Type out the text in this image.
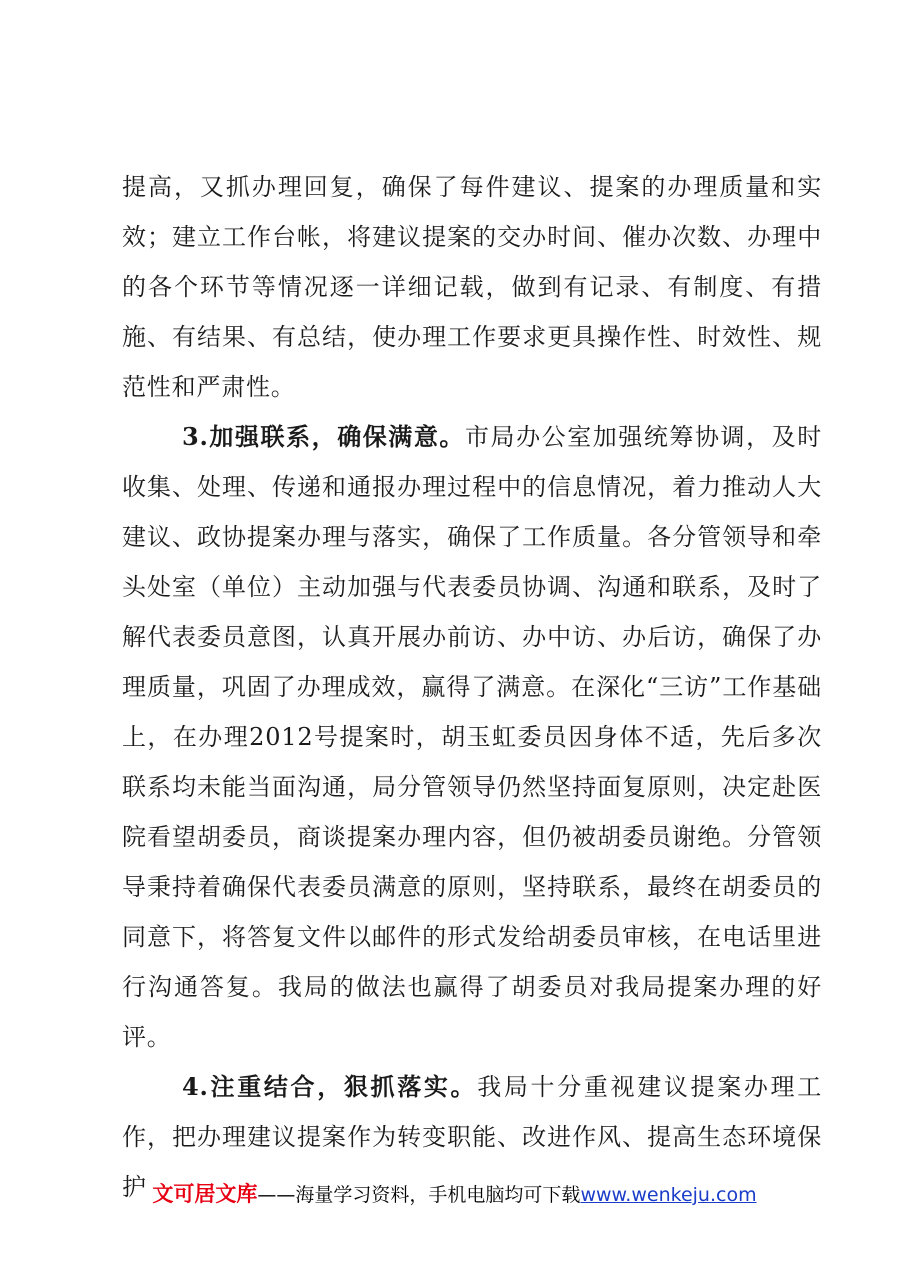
提高，又抓办理回复，确保了每件建议、提案的办理质量和实效；建立工作台帐，将建议提案的交办时间、催办次数、办理中的各个环节等情况逐一详细记载，做到有记录、有制度、有措施、有结果、有总结，使办理工作要求更具操作性、时效性、规范性和严肃性。

3.加强联系，确保满意。市局办公室加强统筹协调，及时收集、处理、传递和通报办理过程中的信息情况，着力推动人大建议、政协提案办理与落实，确保了工作质量。各分管领导和牵头处室（单位）主动加强与代表委员协调、沟通和联系，及时了解代表委员意图，认真开展办前访、办中访、办后访，确保了办理质量，巩固了办理成效，赢得了满意。在深化“三访”工作基础上，在办理2012号提案时，胡玉虹委员因身体不适，先后多次联系均未能当面沟通，局分管领导仍然坚持面复原则，决定赴医院看望胡委员，商谈提案办理内容，但仍被胡委员谢绝。分管领导秉持着确保代表委员满意的原则，坚持联系，最终在胡委员的同意下，将答复文件以邮件的形式发给胡委员审核，在电话里进行沟通答复。我局的做法也赢得了胡委员对我局提案办理的好评。

4.注重结合，狠抓落实。我局十分重视建议提案办理工作，把办理建议提案作为转变职能、改进作风、提高生态环境保护 文可居文库——海量学习资料，手机电脑均可下载www.wenkeju.com
